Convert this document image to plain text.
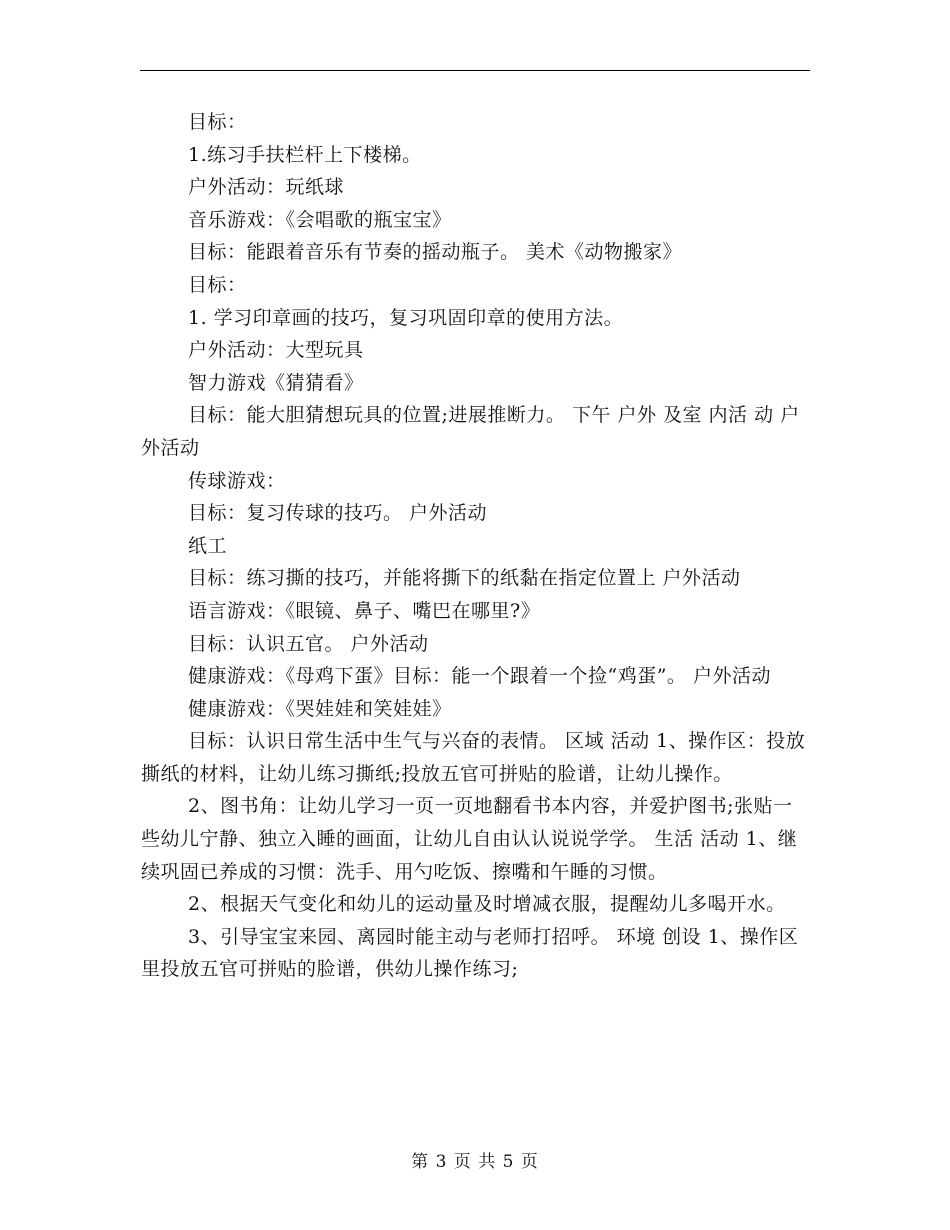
目标：

1.练习手扶栏杆上下楼梯。

户外活动：玩纸球

音乐游戏：《会唱歌的瓶宝宝》

目标：能跟着音乐有节奏的摇动瓶子。 美术《动物搬家》

目标：

1. 学习印章画的技巧，复习巩固印章的使用方法。

户外活动：大型玩具

智力游戏《猜猜看》

目标：能大胆猜想玩具的位置;进展推断力。 下午 户外 及室 内活 动 户外活动

传球游戏：

目标：复习传球的技巧。 户外活动

纸工

目标：练习撕的技巧，并能将撕下的纸黏在指定位置上 户外活动

语言游戏：《眼镜、鼻子、嘴巴在哪里?》

目标：认识五官。 户外活动

健康游戏：《母鸡下蛋》目标：能一个跟着一个捡“鸡蛋”。 户外活动

健康游戏：《哭娃娃和笑娃娃》

目标：认识日常生活中生气与兴奋的表情。 区域 活动 1、操作区：投放撕纸的材料，让幼儿练习撕纸;投放五官可拼贴的脸谱，让幼儿操作。

2、图书角：让幼儿学习一页一页地翻看书本内容，并爱护图书;张贴一些幼儿宁静、独立入睡的画面，让幼儿自由认认说说学学。 生活 活动 1、继续巩固已养成的习惯：洗手、用勺吃饭、擦嘴和午睡的习惯。

2、根据天气变化和幼儿的运动量及时增减衣服，提醒幼儿多喝开水。

3、引导宝宝来园、离园时能主动与老师打招呼。 环境 创设 1、操作区里投放五官可拼贴的脸谱，供幼儿操作练习;

第 3 页 共 5 页
